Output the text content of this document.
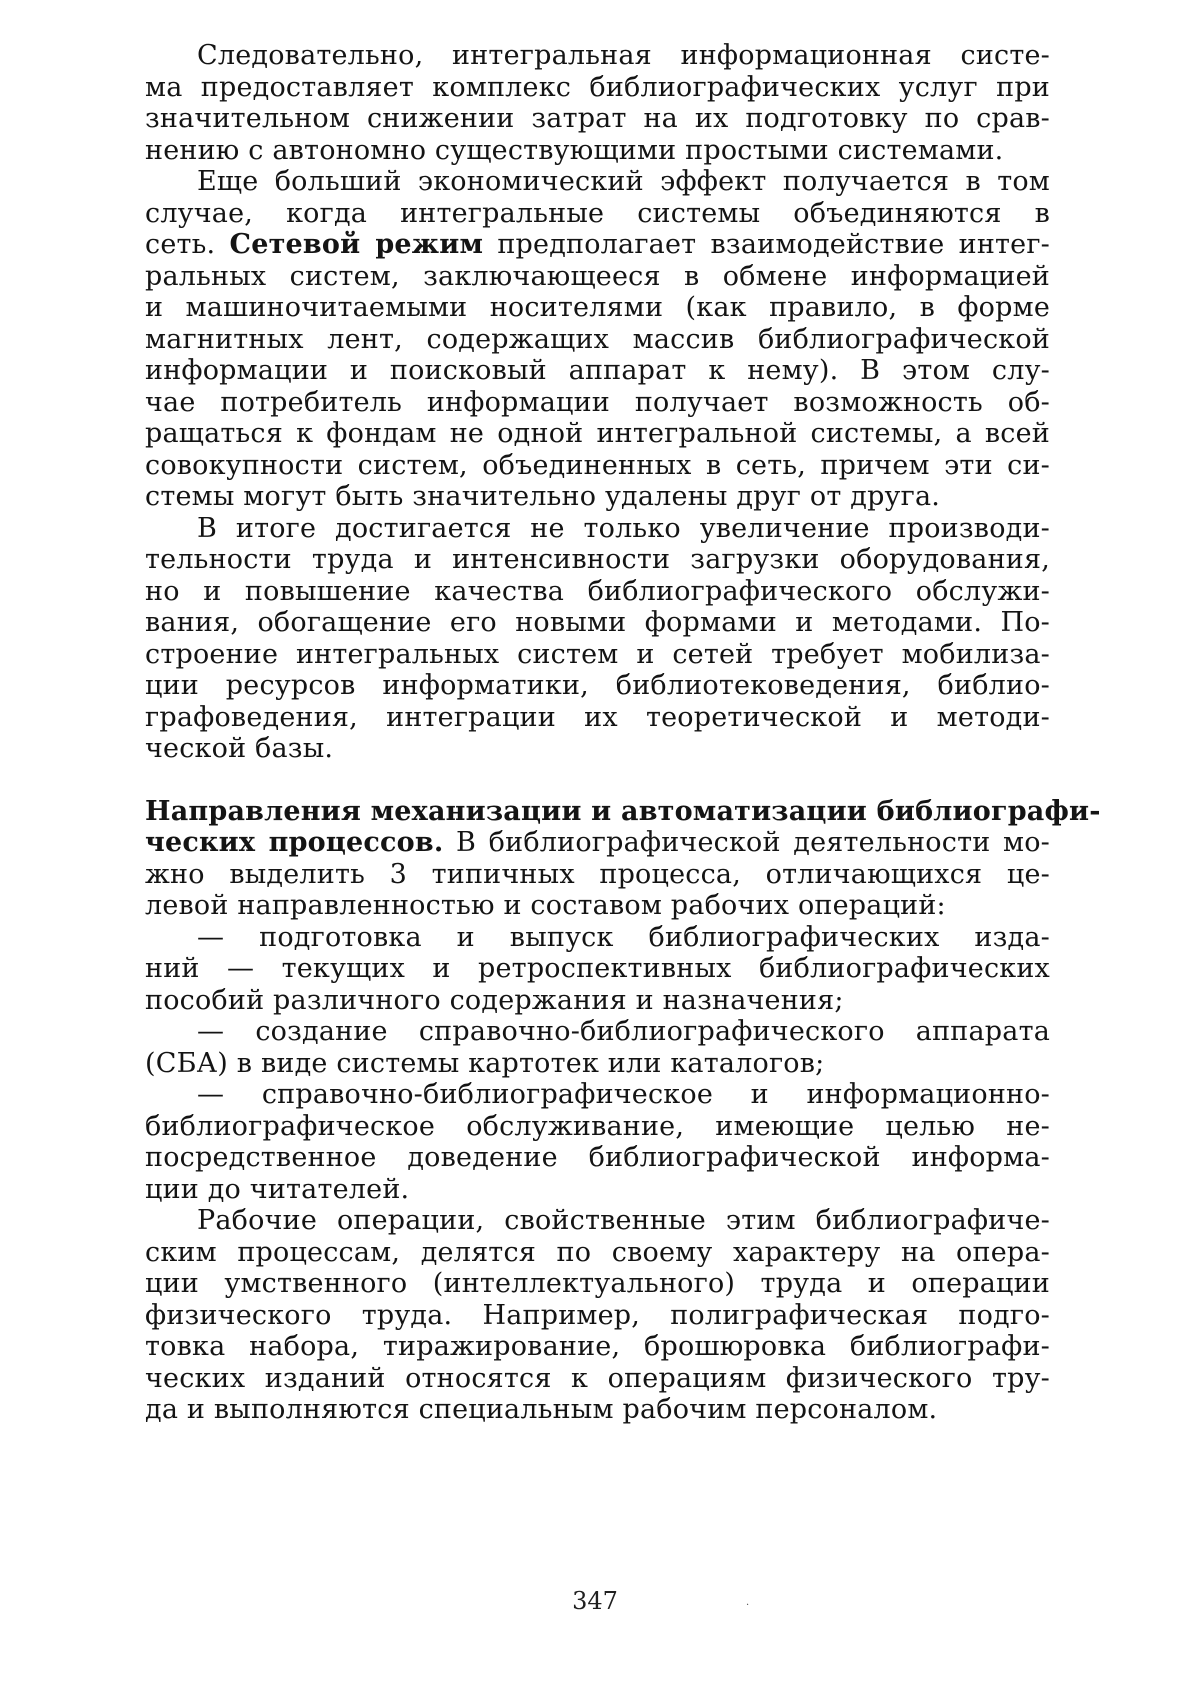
Следовательно, интегральная информационная систе-
ма предоставляет комплекс библиографических услуг при
значительном снижении затрат на их подготовку по срав-
нению с автономно существующими простыми системами.
Еще больший экономический эффект получается в том
случае, когда интегральные системы объединяются в
сеть. Сетевой режим предполагает взаимодействие интег-
ральных систем, заключающееся в обмене информацией
и машиночитаемыми носителями (как правило, в форме
магнитных лент, содержащих массив библиографической
информации и поисковый аппарат к нему). В этом слу-
чае потребитель информации получает возможность об-
ращаться к фондам не одной интегральной системы, а всей
совокупности систем, объединенных в сеть, причем эти си-
стемы могут быть значительно удалены друг от друга.
В итоге достигается не только увеличение производи-
тельности труда и интенсивности загрузки оборудования,
но и повышение качества библиографического обслужи-
вания, обогащение его новыми формами и методами. По-
строение интегральных систем и сетей требует мобилиза-
ции ресурсов информатики, библиотековедения, библио-
графоведения, интеграции их теоретической и методи-
ческой базы.
Направления механизации и автоматизации библиографи-
ческих процессов. В библиографической деятельности мо-
жно выделить 3 типичных процесса, отличающихся це-
левой направленностью и составом рабочих операций:
— подготовка и выпуск библиографических изда-
ний — текущих и ретроспективных библиографических
пособий различного содержания и назначения;
— создание справочно-библиографического аппарата
(СБА) в виде системы картотек или каталогов;
— справочно-библиографическое и информационно-
библиографическое обслуживание, имеющие целью не-
посредственное доведение библиографической информа-
ции до читателей.
Рабочие операции, свойственные этим библиографиче-
ским процессам, делятся по своему характеру на опера-
ции умственного (интеллектуального) труда и операции
физического труда. Например, полиграфическая подго-
товка набора, тиражирование, брошюровка библиографи-
ческих изданий относятся к операциям физического тру-
да и выполняются специальным рабочим персоналом.
347	·
